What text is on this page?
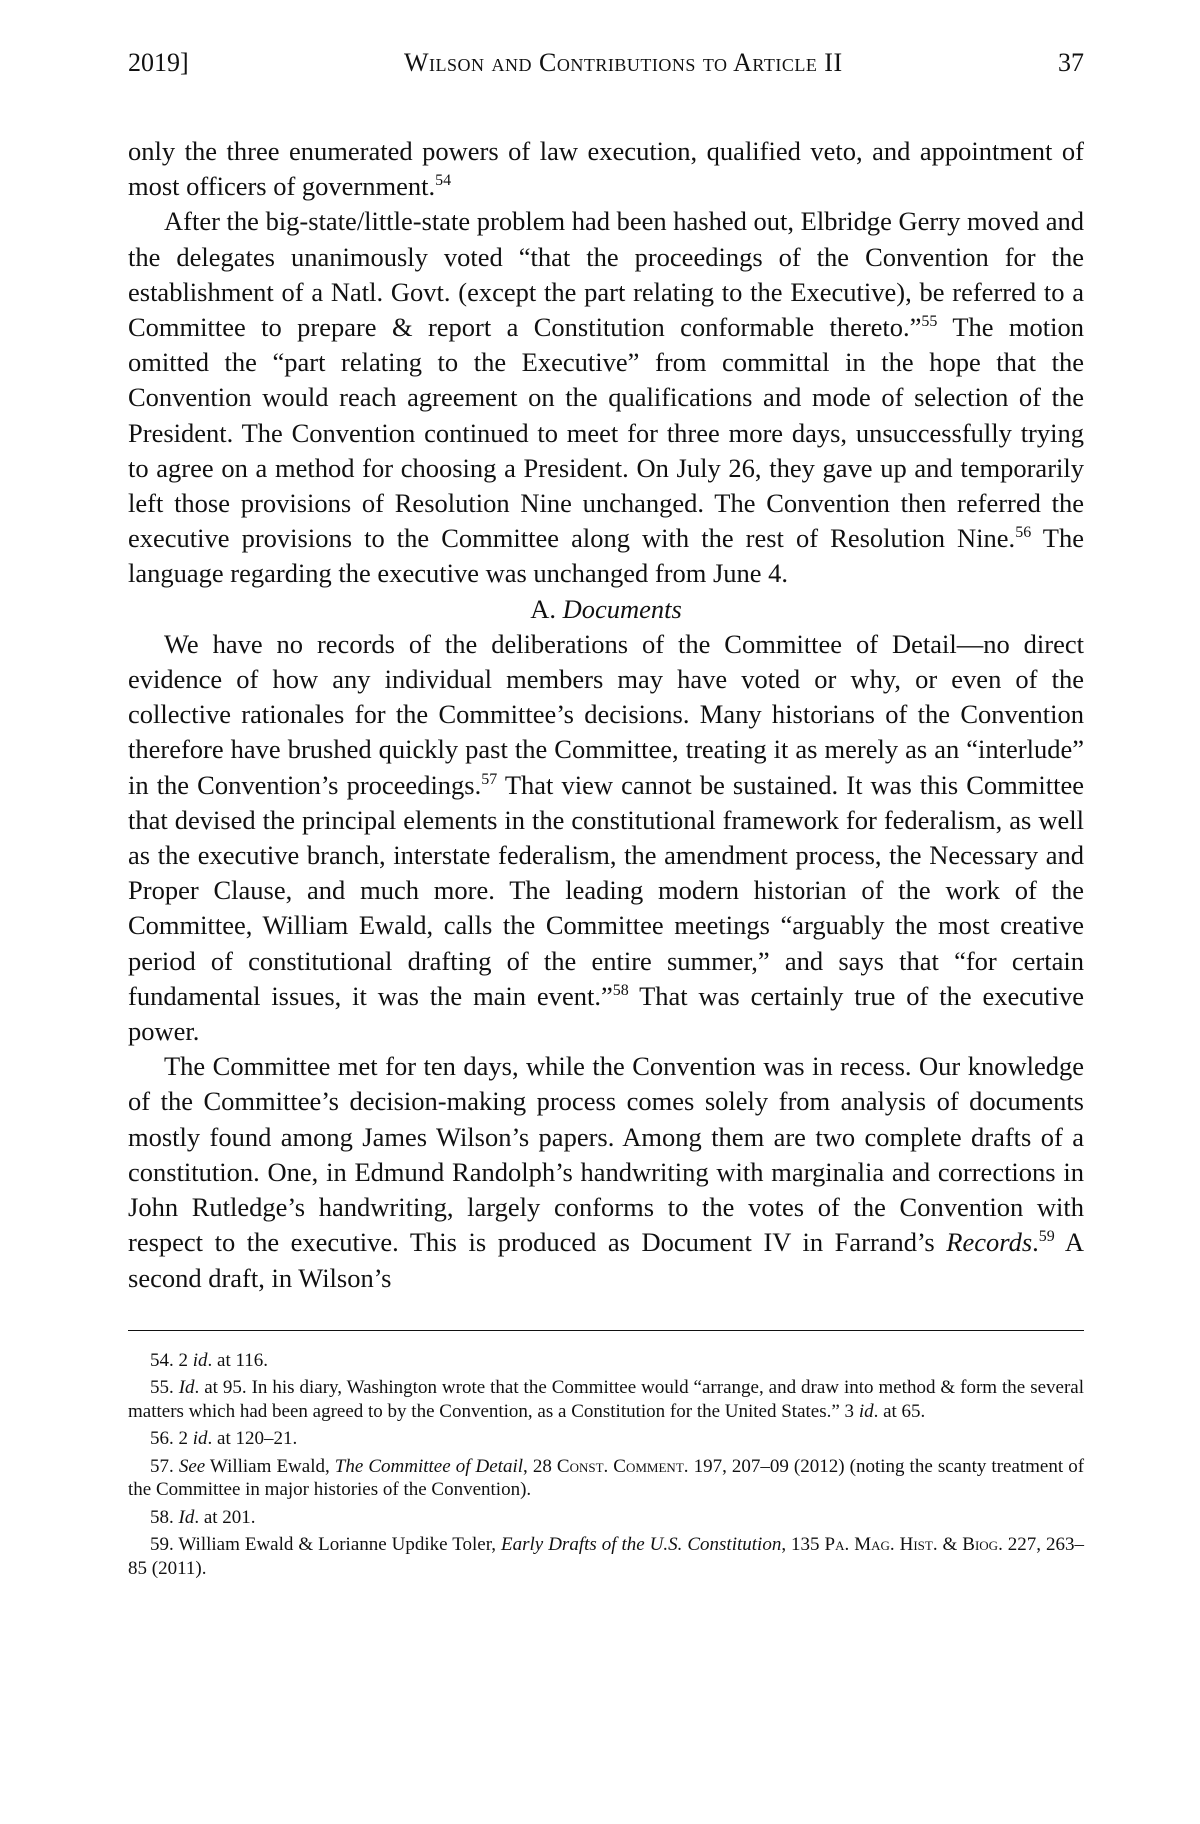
2019]	Wilson and Contributions to Article II	37

only the three enumerated powers of law execution, qualified veto, and appointment of most officers of government.$^{54}$

After the big-state/little-state problem had been hashed out, Elbridge Gerry moved and the delegates unanimously voted “that the proceedings of the Convention for the establishment of a Natl. Govt. (except the part relating to the Executive), be referred to a Committee to prepare & report a Constitution conformable thereto.”$^{55}$ The motion omitted the “part relating to the Executive” from committal in the hope that the Convention would reach agreement on the qualifications and mode of selection of the President. The Convention continued to meet for three more days, unsuccessfully trying to agree on a method for choosing a President. On July 26, they gave up and temporarily left those provisions of Resolution Nine unchanged. The Convention then referred the executive provisions to the Committee along with the rest of Resolution Nine.$^{56}$ The language regarding the executive was unchanged from June 4.

A. Documents

We have no records of the deliberations of the Committee of Detail—no direct evidence of how any individual members may have voted or why, or even of the collective rationales for the Committee’s decisions. Many historians of the Convention therefore have brushed quickly past the Committee, treating it as merely as an “interlude” in the Convention’s proceedings.$^{57}$ That view cannot be sustained. It was this Committee that devised the principal elements in the constitutional framework for federalism, as well as the executive branch, interstate federalism, the amendment process, the Necessary and Proper Clause, and much more. The leading modern historian of the work of the Committee, William Ewald, calls the Committee meetings “arguably the most creative period of constitutional drafting of the entire summer,” and says that “for certain fundamental issues, it was the main event.”$^{58}$ That was certainly true of the executive power.

The Committee met for ten days, while the Convention was in recess. Our knowledge of the Committee’s decision-making process comes solely from analysis of documents mostly found among James Wilson’s papers. Among them are two complete drafts of a constitution. One, in Edmund Randolph’s handwriting with marginalia and corrections in John Rutledge’s handwriting, largely conforms to the votes of the Convention with respect to the executive. This is produced as Document IV in Farrand’s Records.$^{59}$ A second draft, in Wilson’s

54. 2 id. at 116.

55. Id. at 95. In his diary, Washington wrote that the Committee would “arrange, and draw into method & form the several matters which had been agreed to by the Convention, as a Constitution for the United States.” 3 id. at 65.

56. 2 id. at 120–21.

57. See William Ewald, The Committee of Detail, 28 Const. Comment. 197, 207–09 (2012) (noting the scanty treatment of the Committee in major histories of the Convention).

58. Id. at 201.

59. William Ewald & Lorianne Updike Toler, Early Drafts of the U.S. Constitution, 135 Pa. Mag. Hist. & Biog. 227, 263–85 (2011).
